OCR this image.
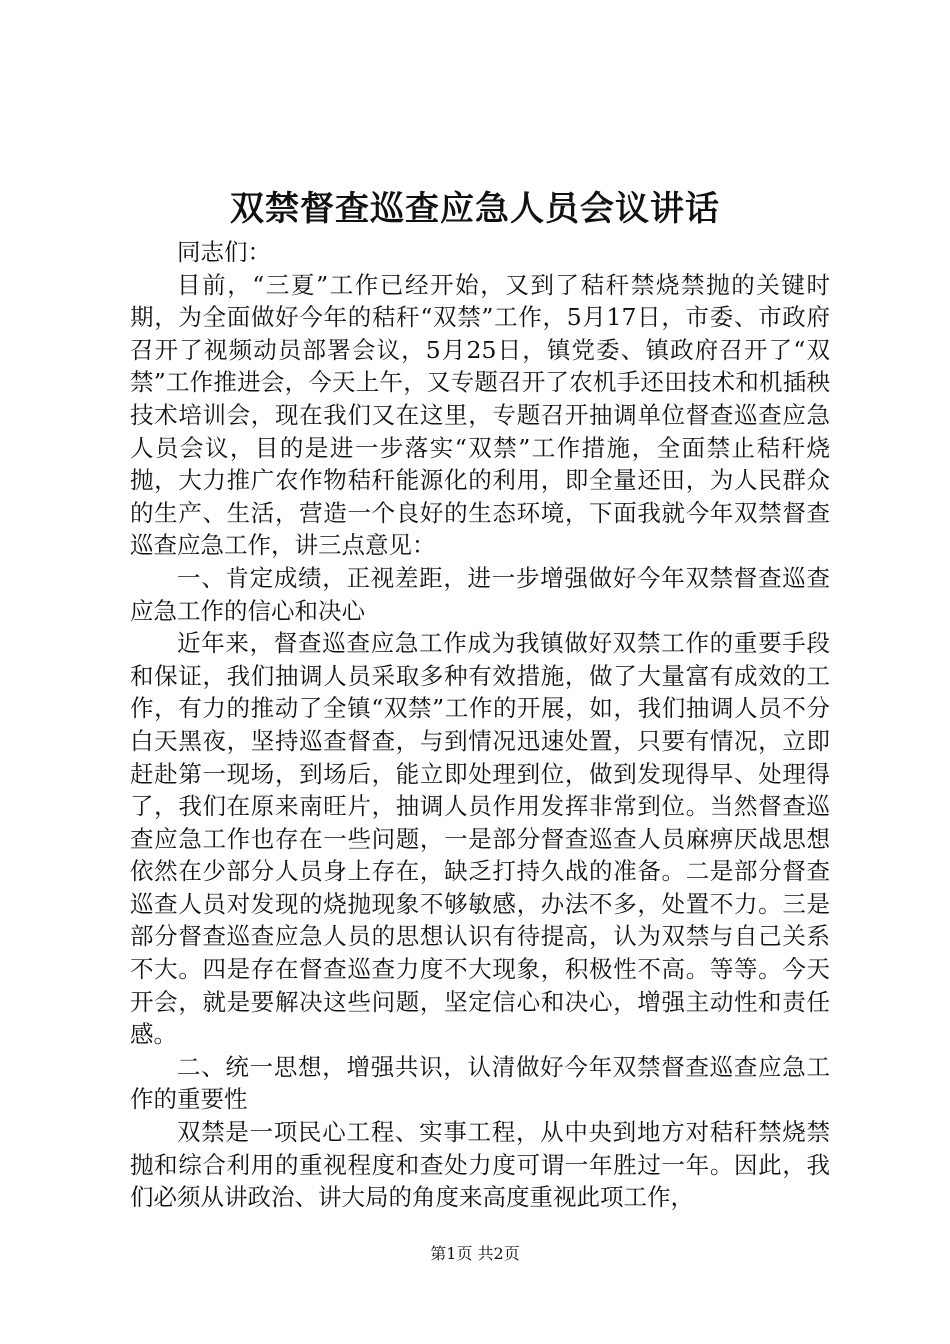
双禁督查巡查应急人员会议讲话

同志们：

目前，“三夏”工作已经开始，又到了秸秆禁烧禁抛的关键时期，为全面做好今年的秸秆“双禁”工作，5月17日，市委、市政府召开了视频动员部署会议，5月25日，镇党委、镇政府召开了“双禁”工作推进会，今天上午，又专题召开了农机手还田技术和机插秧技术培训会，现在我们又在这里，专题召开抽调单位督查巡查应急人员会议，目的是进一步落实“双禁”工作措施，全面禁止秸秆烧抛，大力推广农作物秸秆能源化的利用，即全量还田，为人民群众的生产、生活，营造一个良好的生态环境，下面我就今年双禁督查巡查应急工作，讲三点意见：

一、肯定成绩，正视差距，进一步增强做好今年双禁督查巡查应急工作的信心和决心

近年来，督查巡查应急工作成为我镇做好双禁工作的重要手段和保证，我们抽调人员采取多种有效措施，做了大量富有成效的工作，有力的推动了全镇“双禁”工作的开展，如，我们抽调人员不分白天黑夜，坚持巡查督查，与到情况迅速处置，只要有情况，立即赶赴第一现场，到场后，能立即处理到位，做到发现得早、处理得了，我们在原来南旺片，抽调人员作用发挥非常到位。当然督查巡查应急工作也存在一些问题，一是部分督查巡查人员麻痹厌战思想依然在少部分人员身上存在，缺乏打持久战的准备。二是部分督查巡查人员对发现的烧抛现象不够敏感，办法不多，处置不力。三是部分督查巡查应急人员的思想认识有待提高，认为双禁与自己关系不大。四是存在督查巡查力度不大现象，积极性不高。等等。今天开会，就是要解决这些问题，坚定信心和决心，增强主动性和责任感。

二、统一思想，增强共识，认清做好今年双禁督查巡查应急工作的重要性

双禁是一项民心工程、实事工程，从中央到地方对秸秆禁烧禁抛和综合利用的重视程度和查处力度可谓一年胜过一年。因此，我们必须从讲政治、讲大局的角度来高度重视此项工作，

第1页 共2页
